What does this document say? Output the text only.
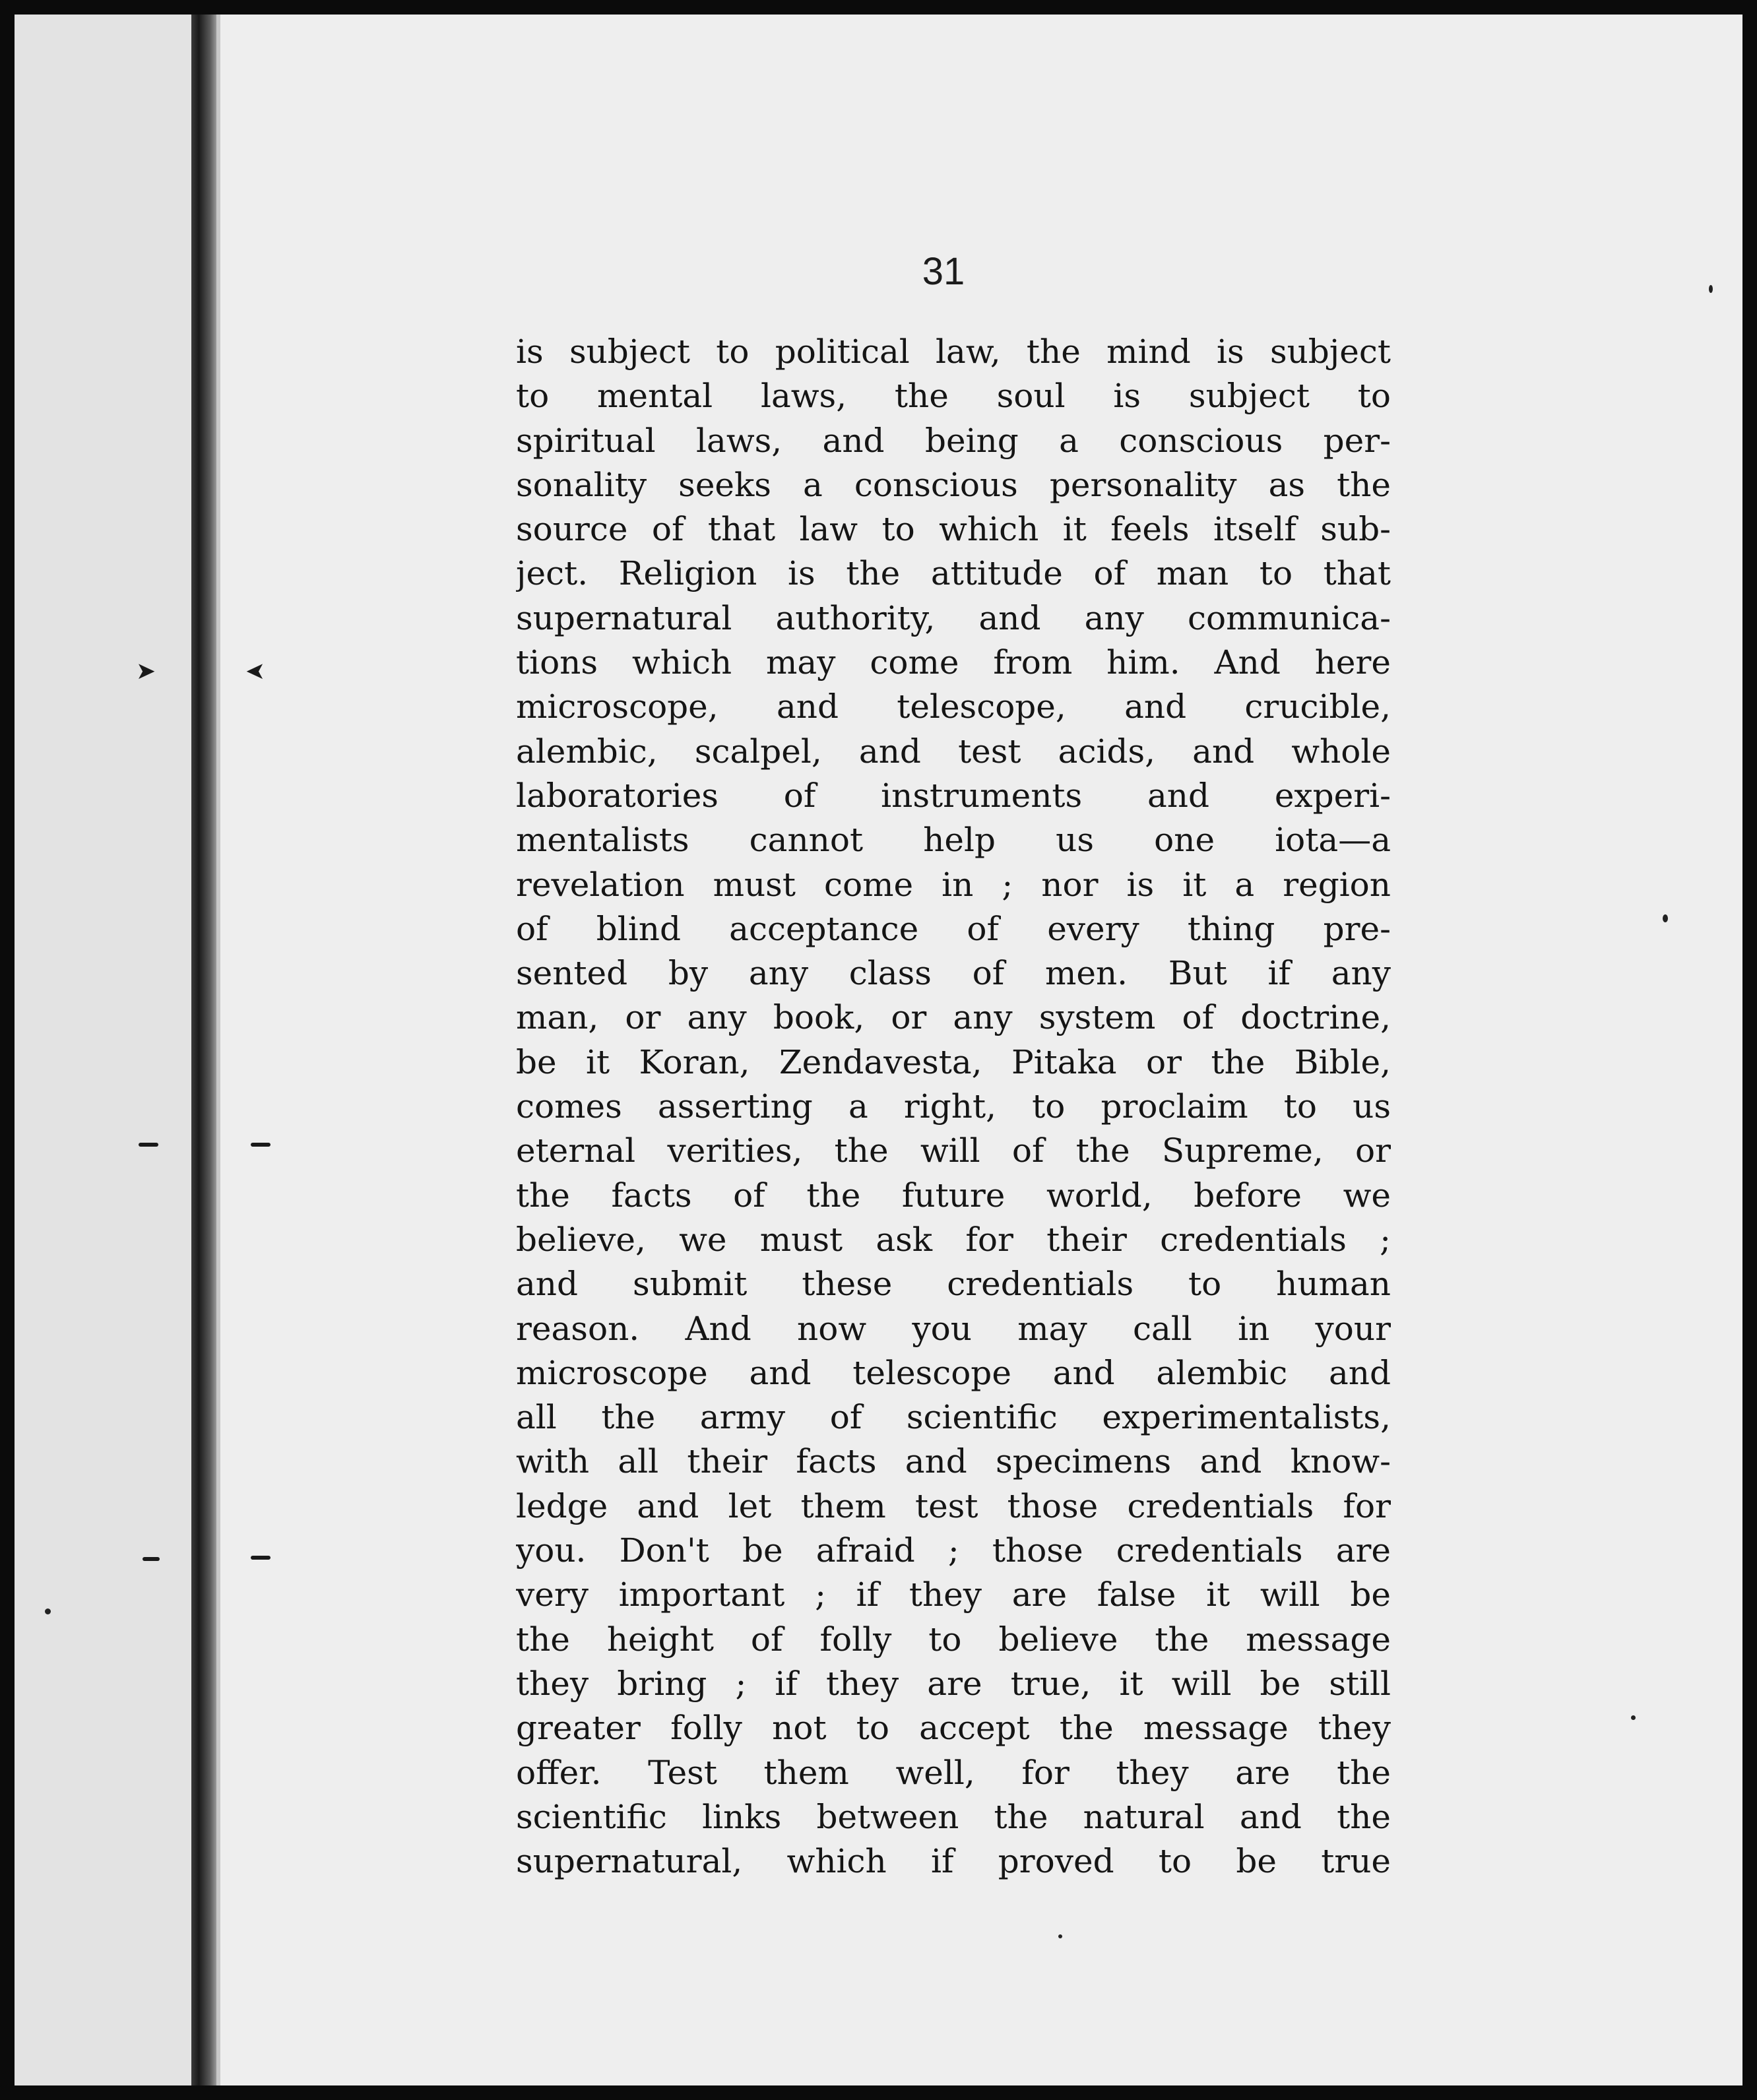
➤	➤
31
is subject to political law, the mind is subject
to mental laws, the soul is subject to
spiritual laws, and being a conscious per-
sonality seeks a conscious personality as the
source of that law to which it feels itself sub-
ject. Religion is the attitude of man to that
supernatural authority, and any communica-
tions which may come from him. And here
microscope, and telescope, and crucible,
alembic, scalpel, and test acids, and whole
laboratories of instruments and experi-
mentalists cannot help us one iota—a
revelation must come in ; nor is it a region
of blind acceptance of every thing pre-
sented by any class of men. But if any
man, or any book, or any system of doctrine,
be it Koran, Zendavesta, Pitaka or the Bible,
comes asserting a right, to proclaim to us
eternal verities, the will of the Supreme, or
the facts of the future world, before we
believe, we must ask for their credentials ;
and submit these credentials to human
reason. And now you may call in your
microscope and telescope and alembic and
all the army of scientific experimentalists,
with all their facts and specimens and know-
ledge and let them test those credentials for
you. Don't be afraid ; those credentials are
very important ; if they are false it will be
the height of folly to believe the message
they bring ; if they are true, it will be still
greater folly not to accept the message they
offer. Test them well, for they are the
scientific links between the natural and the
supernatural, which if proved to be true
